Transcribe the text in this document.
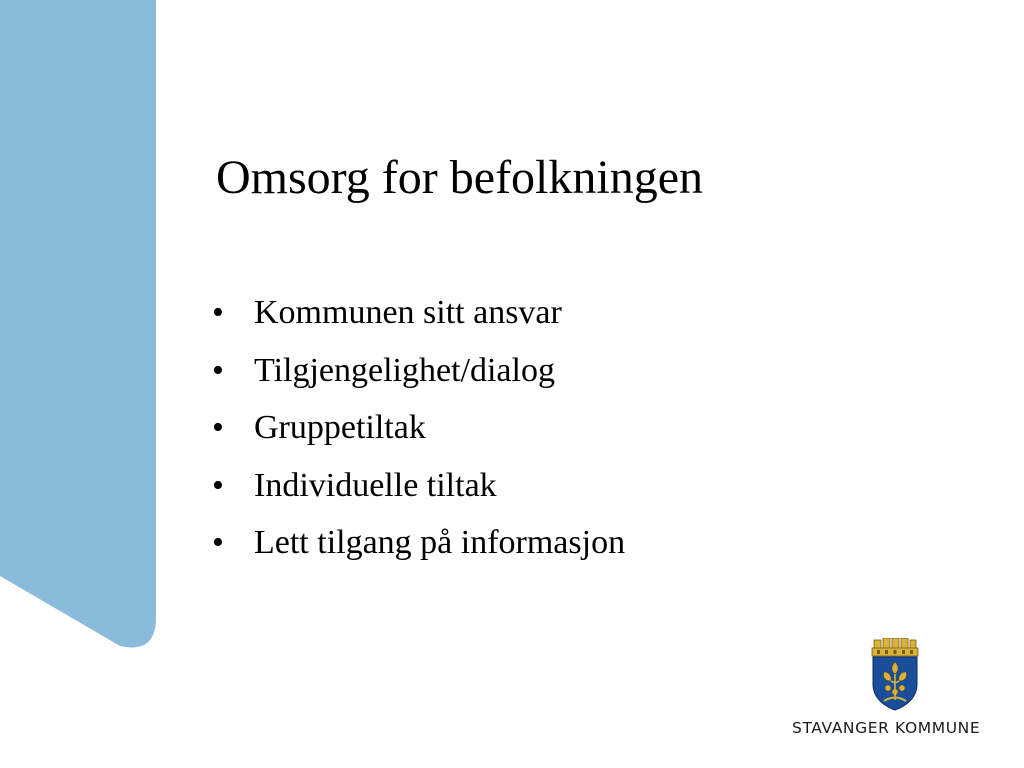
Omsorg for befolkningen
• Kommunen sitt ansvar
• Tilgjengelighet/dialog
• Gruppetiltak
• Individuelle tiltak
• Lett tilgang på informasjon
STAVANGER KOMMUNE
